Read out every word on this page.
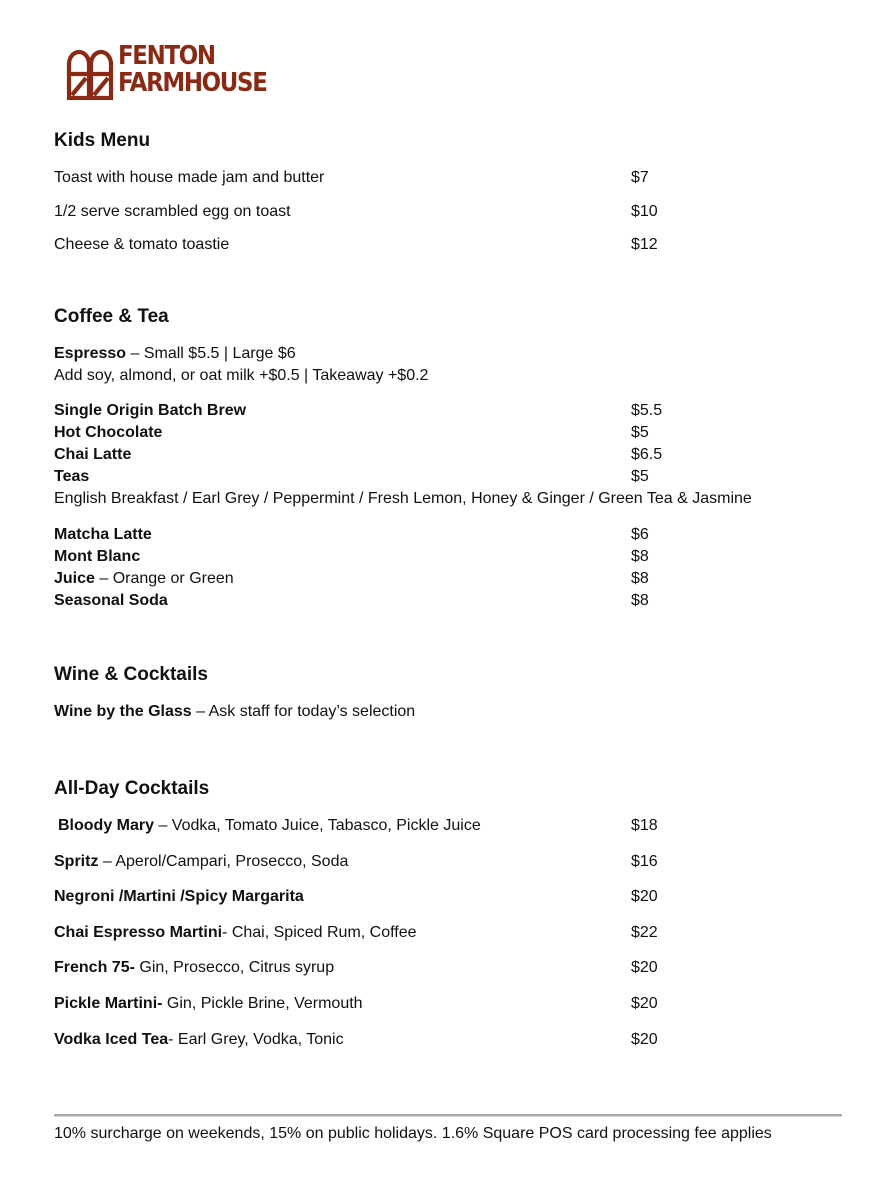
FENTON
FARMHOUSE
Kids Menu
Toast with house made jam and butter	$7
1/2 serve scrambled egg on toast	$10
Cheese & tomato toastie	$12
Coffee & Tea
Espresso – Small $5.5 | Large $6
Add soy, almond, or oat milk +$0.5 | Takeaway +$0.2
Single Origin Batch Brew	$5.5
Hot Chocolate	$5
Chai Latte	$6.5
Teas	$5
English Breakfast / Earl Grey / Peppermint / Fresh Lemon, Honey & Ginger / Green Tea & Jasmine
Matcha Latte	$6
Mont Blanc	$8
Juice – Orange or Green	$8
Seasonal Soda	$8
Wine & Cocktails
Wine by the Glass – Ask staff for today’s selection
All-Day Cocktails
Bloody Mary – Vodka, Tomato Juice, Tabasco, Pickle Juice	$18
Spritz – Aperol/Campari, Prosecco, Soda	$16
Negroni /Martini /Spicy Margarita	$20
Chai Espresso Martini- Chai, Spiced Rum, Coffee	$22
French 75- Gin, Prosecco, Citrus syrup	$20
Pickle Martini- Gin, Pickle Brine, Vermouth	$20
Vodka Iced Tea- Earl Grey, Vodka, Tonic	$20
10% surcharge on weekends, 15% on public holidays. 1.6% Square POS card processing fee applies
